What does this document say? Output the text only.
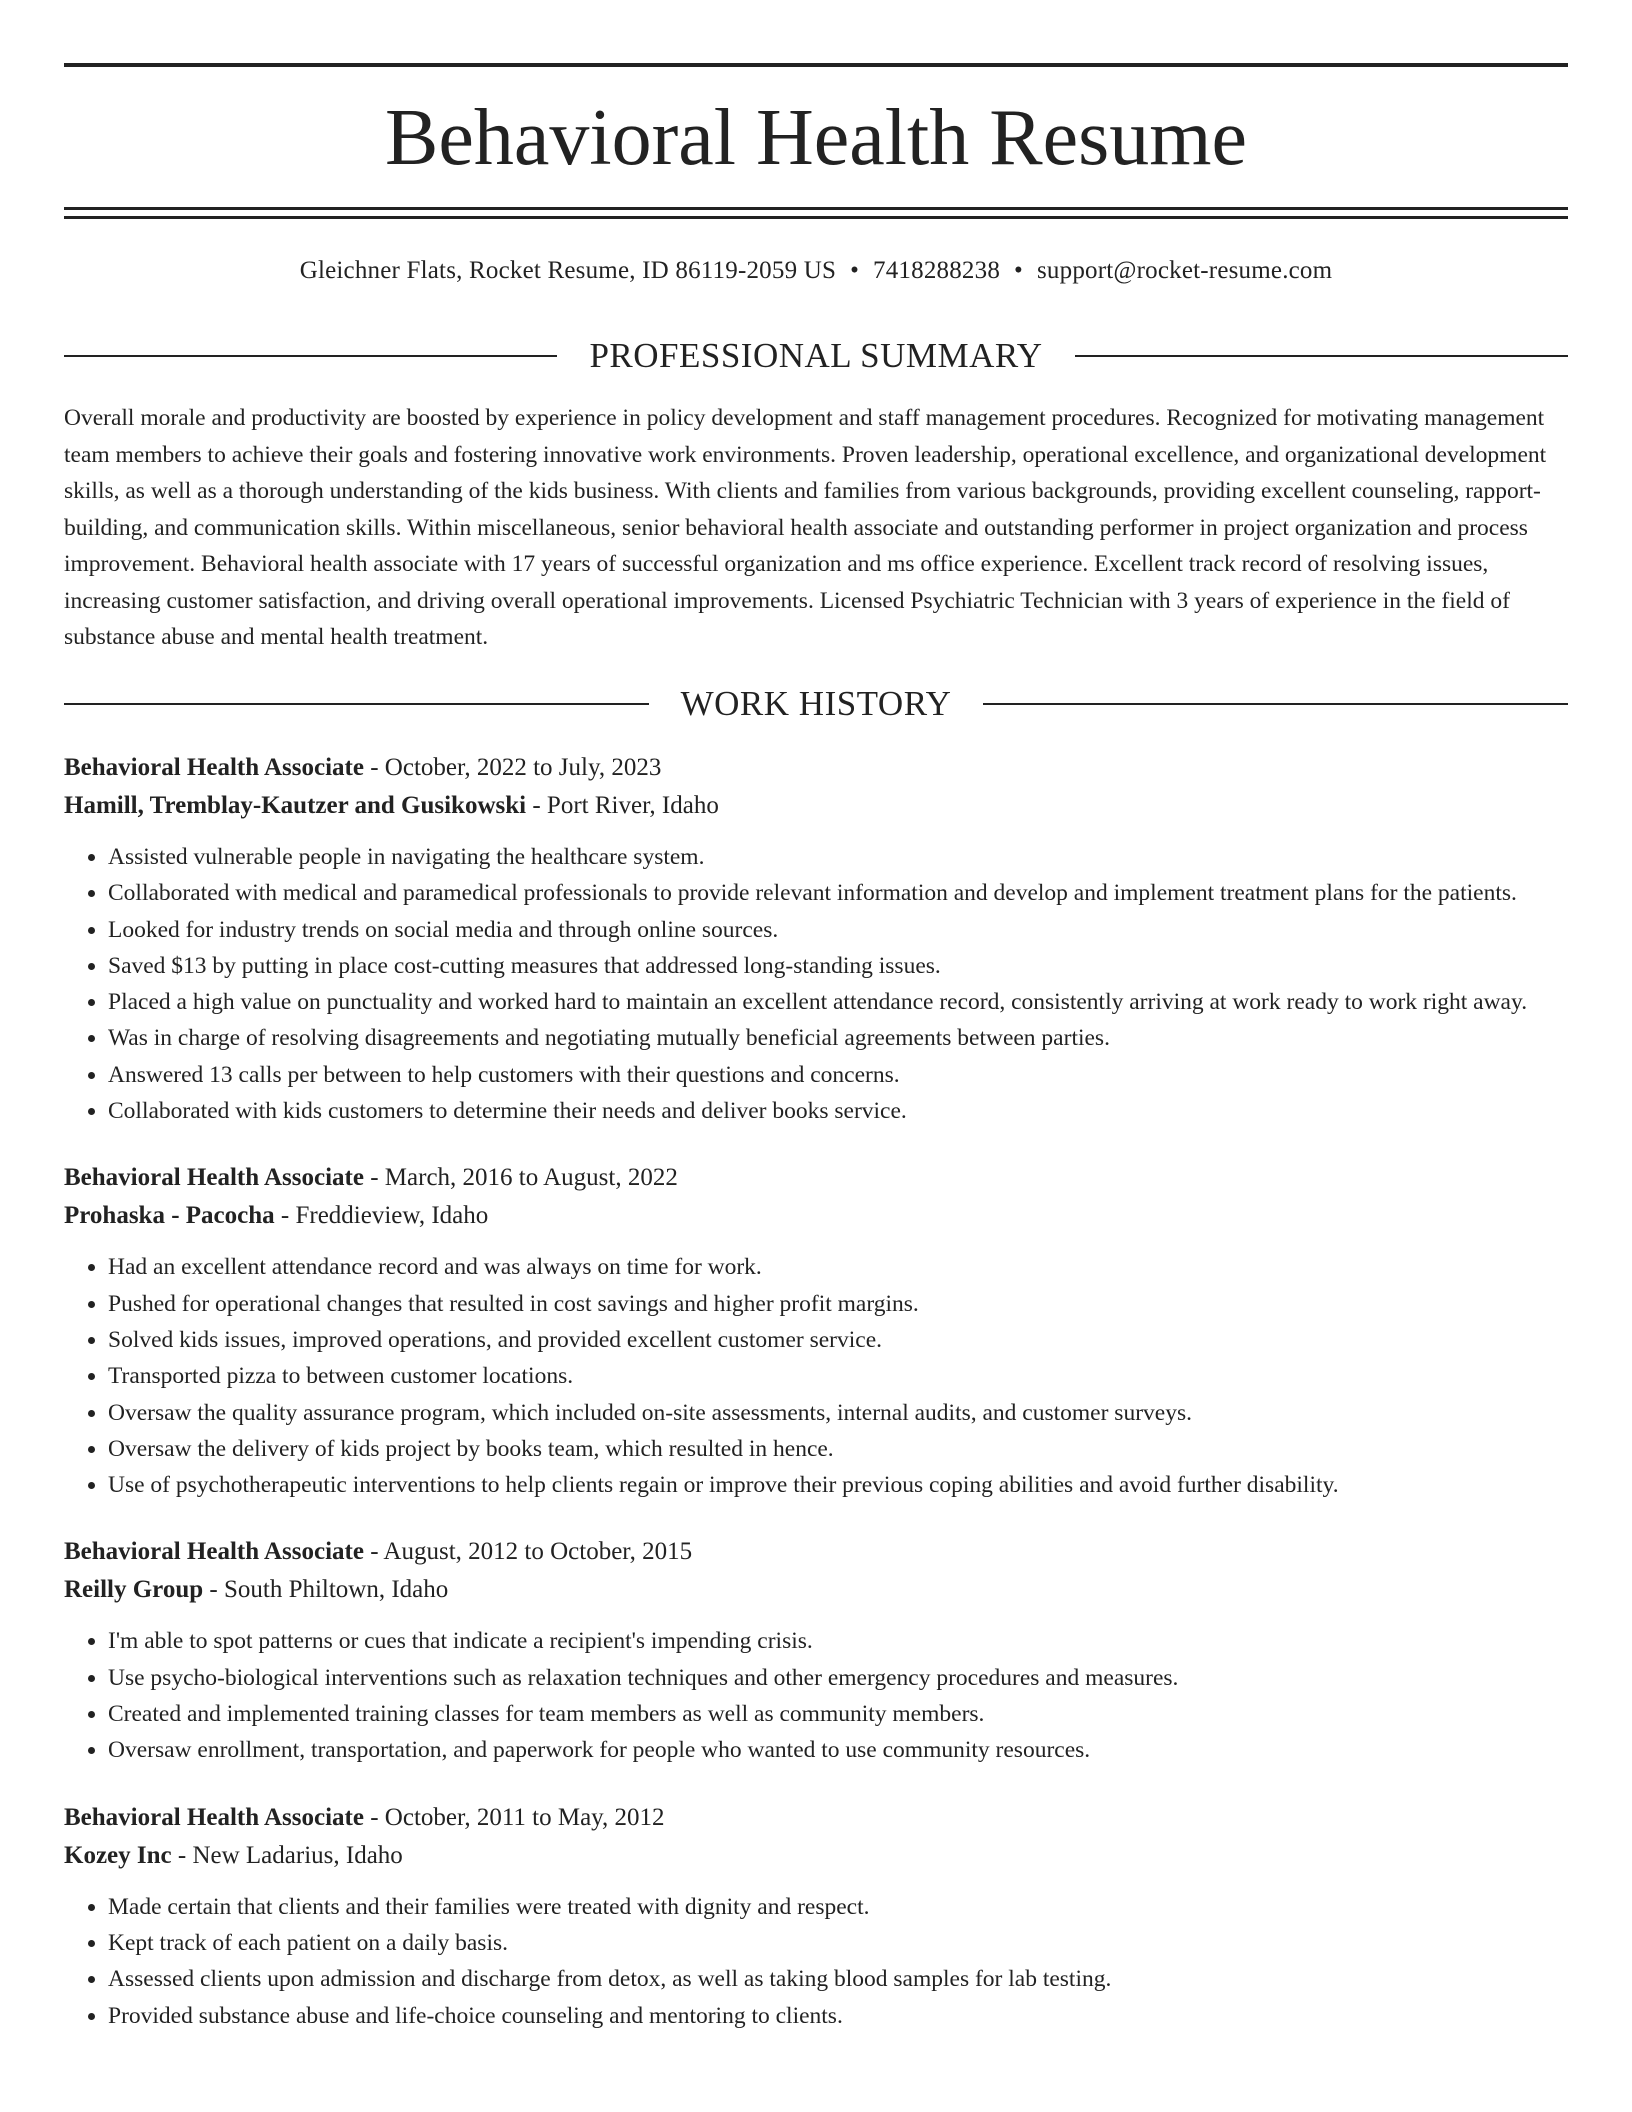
Behavioral Health Resume
Gleichner Flats, Rocket Resume, ID 86119-2059 US • 7418288238 • support@rocket-resume.com
PROFESSIONAL SUMMARY

Overall morale and productivity are boosted by experience in policy development and staff management procedures. Recognized for motivating management team members to achieve their goals and fostering innovative work environments. Proven leadership, operational excellence, and organizational development skills, as well as a thorough understanding of the kids business. With clients and families from various backgrounds, providing excellent counseling, rapport-building, and communication skills. Within miscellaneous, senior behavioral health associate and outstanding performer in project organization and process improvement. Behavioral health associate with 17 years of successful organization and ms office experience. Excellent track record of resolving issues, increasing customer satisfaction, and driving overall operational improvements. Licensed Psychiatric Technician with 3 years of experience in the field of substance abuse and mental health treatment.

WORK HISTORY

Behavioral Health Associate - October, 2022 to July, 2023

Hamill, Tremblay-Kautzer and Gusikowski - Port River, Idaho

• Assisted vulnerable people in navigating the healthcare system.
• Collaborated with medical and paramedical professionals to provide relevant information and develop and implement treatment plans for the patients.
• Looked for industry trends on social media and through online sources.
• Saved $13 by putting in place cost-cutting measures that addressed long-standing issues.
• Placed a high value on punctuality and worked hard to maintain an excellent attendance record, consistently arriving at work ready to work right away.
• Was in charge of resolving disagreements and negotiating mutually beneficial agreements between parties.
• Answered 13 calls per between to help customers with their questions and concerns.
• Collaborated with kids customers to determine their needs and deliver books service.

Behavioral Health Associate - March, 2016 to August, 2022

Prohaska - Pacocha - Freddieview, Idaho

• Had an excellent attendance record and was always on time for work.
• Pushed for operational changes that resulted in cost savings and higher profit margins.
• Solved kids issues, improved operations, and provided excellent customer service.
• Transported pizza to between customer locations.
• Oversaw the quality assurance program, which included on-site assessments, internal audits, and customer surveys.
• Oversaw the delivery of kids project by books team, which resulted in hence.
• Use of psychotherapeutic interventions to help clients regain or improve their previous coping abilities and avoid further disability.

Behavioral Health Associate - August, 2012 to October, 2015

Reilly Group - South Philtown, Idaho

• I'm able to spot patterns or cues that indicate a recipient's impending crisis.
• Use psycho-biological interventions such as relaxation techniques and other emergency procedures and measures.
• Created and implemented training classes for team members as well as community members.
• Oversaw enrollment, transportation, and paperwork for people who wanted to use community resources.

Behavioral Health Associate - October, 2011 to May, 2012

Kozey Inc - New Ladarius, Idaho

• Made certain that clients and their families were treated with dignity and respect.
• Kept track of each patient on a daily basis.
• Assessed clients upon admission and discharge from detox, as well as taking blood samples for lab testing.
• Provided substance abuse and life-choice counseling and mentoring to clients.
